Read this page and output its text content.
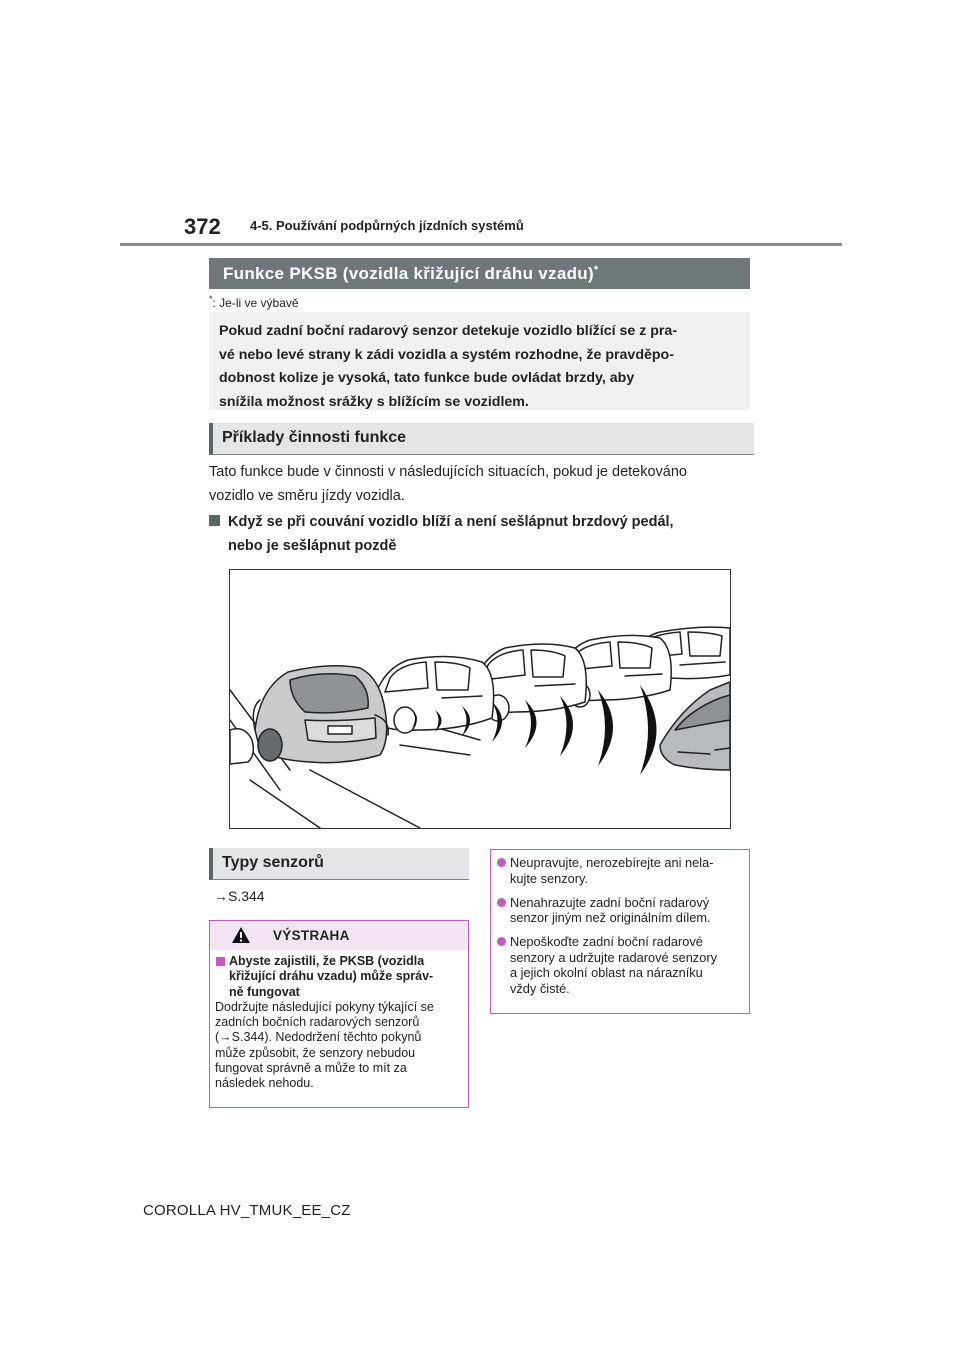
372 4-5. Používání podpůrných jízdních systémů
Funkce PKSB (vozidla křižující dráhu vzadu)*
*: Je-li ve výbavě
Pokud zadní boční radarový senzor detekuje vozidlo blížící se z pra-
vé nebo levé strany k zádi vozidla a systém rozhodne, že pravděpo-
dobnost kolize je vysoká, tato funkce bude ovládat brzdy, aby
snížila možnost srážky s blížícím se vozidlem.
Příklady činnosti funkce
Tato funkce bude v činnosti v následujících situacích, pokud je detekováno
vozidlo ve směru jízdy vozidla.
Když se při couvání vozidlo blíží a není sešlápnut brzdový pedál,
nebo je sešlápnut pozdě
Typy senzorů
→S.344
VÝSTRAHA
Abyste zajistili, že PKSB (vozidla
křižující dráhu vzadu) může správ-
ně fungovat
Dodržujte následující pokyny týkající se
zadních bočních radarových senzorů
(→S.344). Nedodržení těchto pokynů
může způsobit, že senzory nebudou
fungovat správně a může to mít za
následek nehodu.
Neupravujte, nerozebírejte ani nela-
kujte senzory.
Nenahrazujte zadní boční radarový
senzor jiným než originálním dílem.
Nepoškoďte zadní boční radarové
senzory a udržujte radarové senzory
a jejich okolní oblast na nárazníku
vždy čisté.
COROLLA HV_TMUK_EE_CZ
